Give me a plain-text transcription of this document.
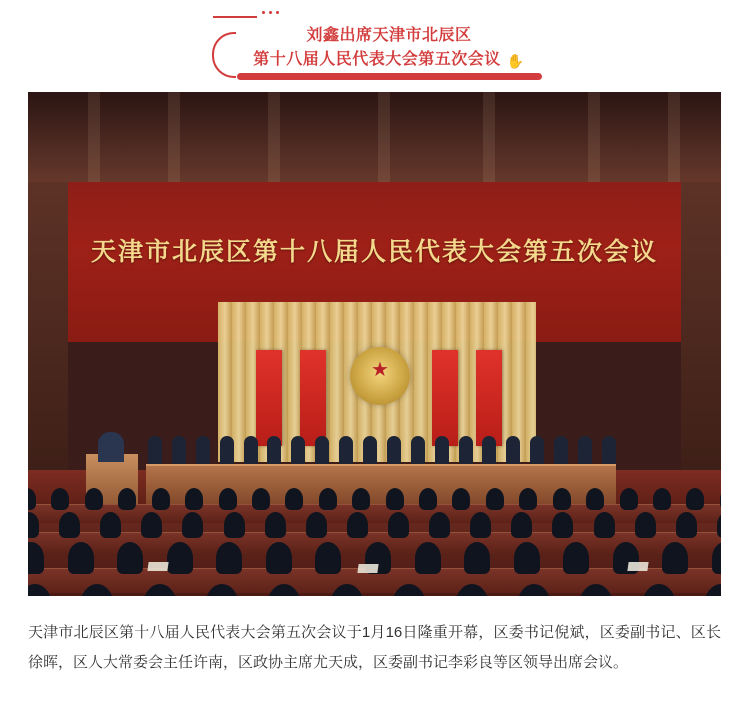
刘鑫出席天津市北辰区
第十八届人民代表大会第五次会议 ✋
天津市北辰区第十八届人民代表大会第五次会议
★

天津市北辰区第十八届人民代表大会第五次会议于1月16日隆重开幕，区委书记倪斌，区委副书记、区长徐晖，区人大常委会主任许南，区政协主席尤天成，区委副书记李彩良等区领导出席会议。
